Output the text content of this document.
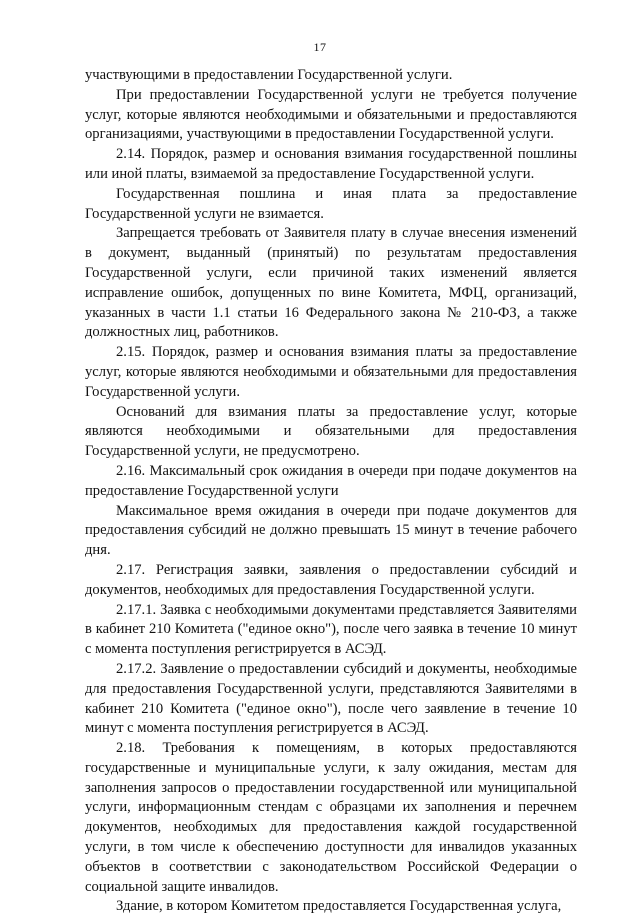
17

участвующими в предоставлении Государственной услуги.

При предоставлении Государственной услуги не требуется получение услуг, которые являются необходимыми и обязательными и предоставляются организациями, участвующими в предоставлении Государственной услуги.

2.14. Порядок, размер и основания взимания государственной пошлины или иной платы, взимаемой за предоставление Государственной услуги.

Государственная пошлина и иная плата за предоставление Государственной услуги не взимается.

Запрещается требовать от Заявителя плату в случае внесения изменений в документ, выданный (принятый) по результатам предоставления Государственной услуги, если причиной таких изменений является исправление ошибок, допущенных по вине Комитета, МФЦ, организаций, указанных в части 1.1 статьи 16 Федерального закона № 210-ФЗ, а также должностных лиц, работников.

2.15. Порядок, размер и основания взимания платы за предоставление услуг, которые являются необходимыми и обязательными для предоставления Государственной услуги.

Оснований для взимания платы за предоставление услуг, которые являются необходимыми и обязательными для предоставления Государственной услуги, не предусмотрено.

2.16. Максимальный срок ожидания в очереди при подаче документов на предоставление Государственной услуги

Максимальное время ожидания в очереди при подаче документов для предоставления субсидий не должно превышать 15 минут в течение рабочего дня.

2.17. Регистрация заявки, заявления о предоставлении субсидий и документов, необходимых для предоставления Государственной услуги.

2.17.1. Заявка с необходимыми документами представляется Заявителями в кабинет 210 Комитета ("единое окно"), после чего заявка в течение 10 минут с момента поступления регистрируется в АСЭД.

2.17.2. Заявление о предоставлении субсидий и документы, необходимые для предоставления Государственной услуги, представляются Заявителями в кабинет 210 Комитета ("единое окно"), после чего заявление в течение 10 минут с момента поступления регистрируется в АСЭД.

2.18. Требования к помещениям, в которых предоставляются государственные и муниципальные услуги, к залу ожидания, местам для заполнения запросов о предоставлении государственной или муниципальной услуги, информационным стендам с образцами их заполнения и перечнем документов, необходимых для предоставления каждой государственной услуги, в том числе к обеспечению доступности для инвалидов указанных объектов в соответствии с законодательством Российской Федерации о социальной защите инвалидов.

Здание, в котором Комитетом предоставляется Государственная услуга,
